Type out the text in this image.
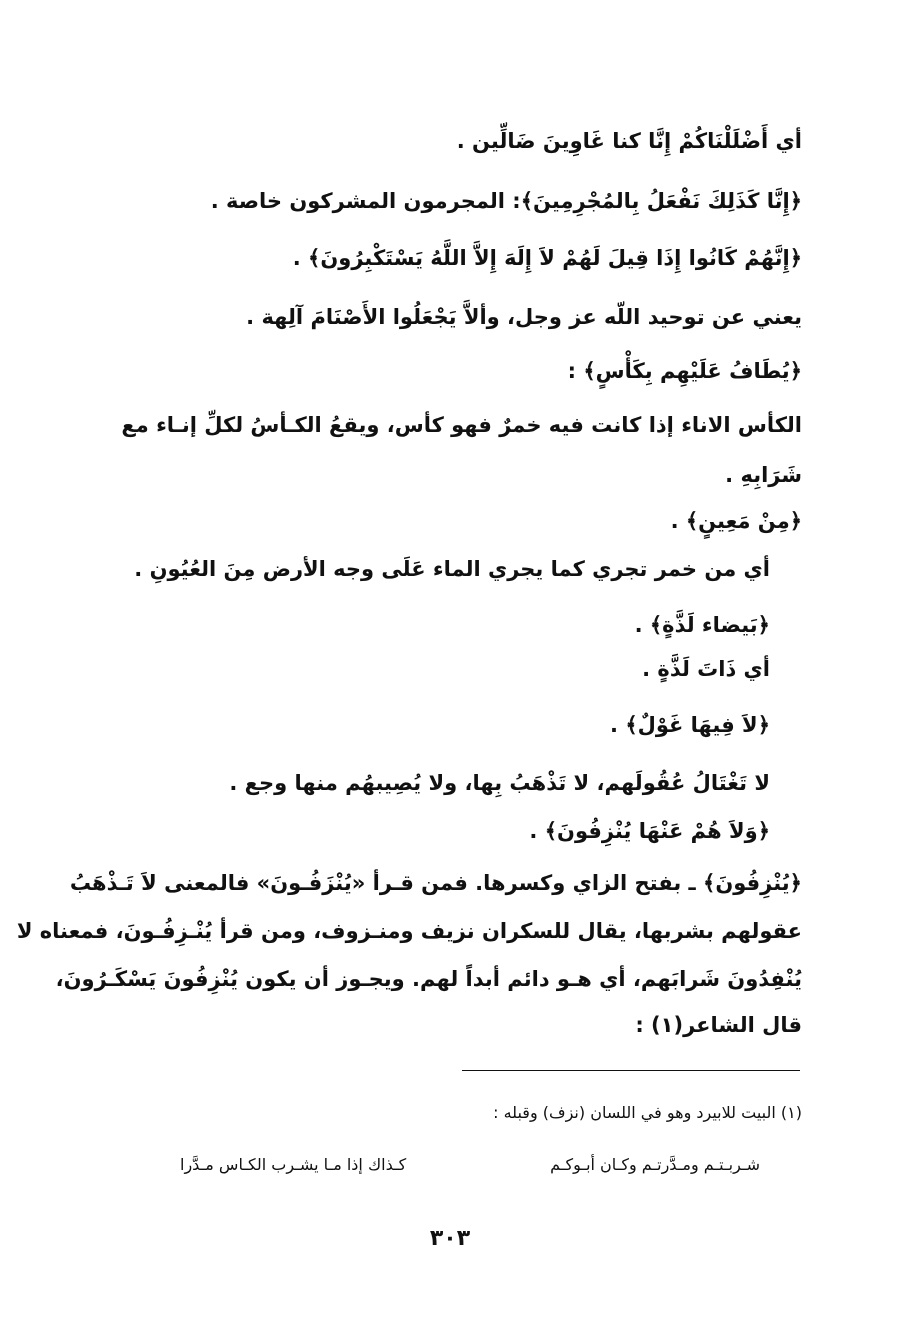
أي أَضْلَلْنَاكُمْ إِنَّا كنا غَاوِينَ ضَالِّين .
﴿إِنَّا كَذَلِكَ نَفْعَلُ بِالمُجْرِمِينَ﴾: المجرمون المشركون خاصة .
﴿إِنَّهُمْ كَانُوا إِذَا قِيلَ لَهُمْ لاَ إِلَهَ إِلاَّ اللَّهُ يَسْتَكْبِرُونَ﴾ .
يعني عن توحيد اللّه عز وجل، وألاَّ يَجْعَلُوا الأَصْنَامَ آلِهة .
﴿يُطَافُ عَلَيْهِم بِكَأْسٍ﴾ :
الكأس الاناء إذا كانت فيه خمرٌ فهو كأس، ويقعُ الكـأسُ لكلِّ إنـاء مع
شَرَابِهِ .
﴿مِنْ مَعِينٍ﴾ .
أي من خمر تجري كما يجري الماء عَلَى وجه الأرض مِنَ العُيُونِ .
﴿بَيضاء لَذَّةٍ﴾ .
أي ذَاتَ لَذَّةٍ .
﴿لاَ فِيهَا غَوْلٌ﴾ .
لا تَغْتَالُ عُقُولَهم، لا تَذْهَبُ بِها، ولا يُصِيبهُم منها وجع .
﴿وَلاَ هُمْ عَنْهَا يُنْزِفُونَ﴾ .
﴿يُنْزِفُونَ﴾ ـ بفتح الزاي وكسرها. فمن قـرأ «يُنْزَفُـونَ» فالمعنى لاَ تَـذْهَبُ
عقولهم بشربها، يقال للسكران نزيف ومنـزوف، ومن قرأ يُنْـزِفُـونَ، فمعناه لا
يُنْفِدُونَ شَرابَهم، أي هـو دائم أبداً لهم. ويجـوز أن يكون يُنْزِفُونَ يَسْكَـرُونَ،
قال الشاعر(١) :
(١) البيت للابيرد وهو في اللسان (نزف) وقبله :
شـربـتـم ومـدَّرتـم وكـان أبـوكـم
كـذاك إذا مـا يشـرب الكـاس مـدَّرا
٣٠٣
